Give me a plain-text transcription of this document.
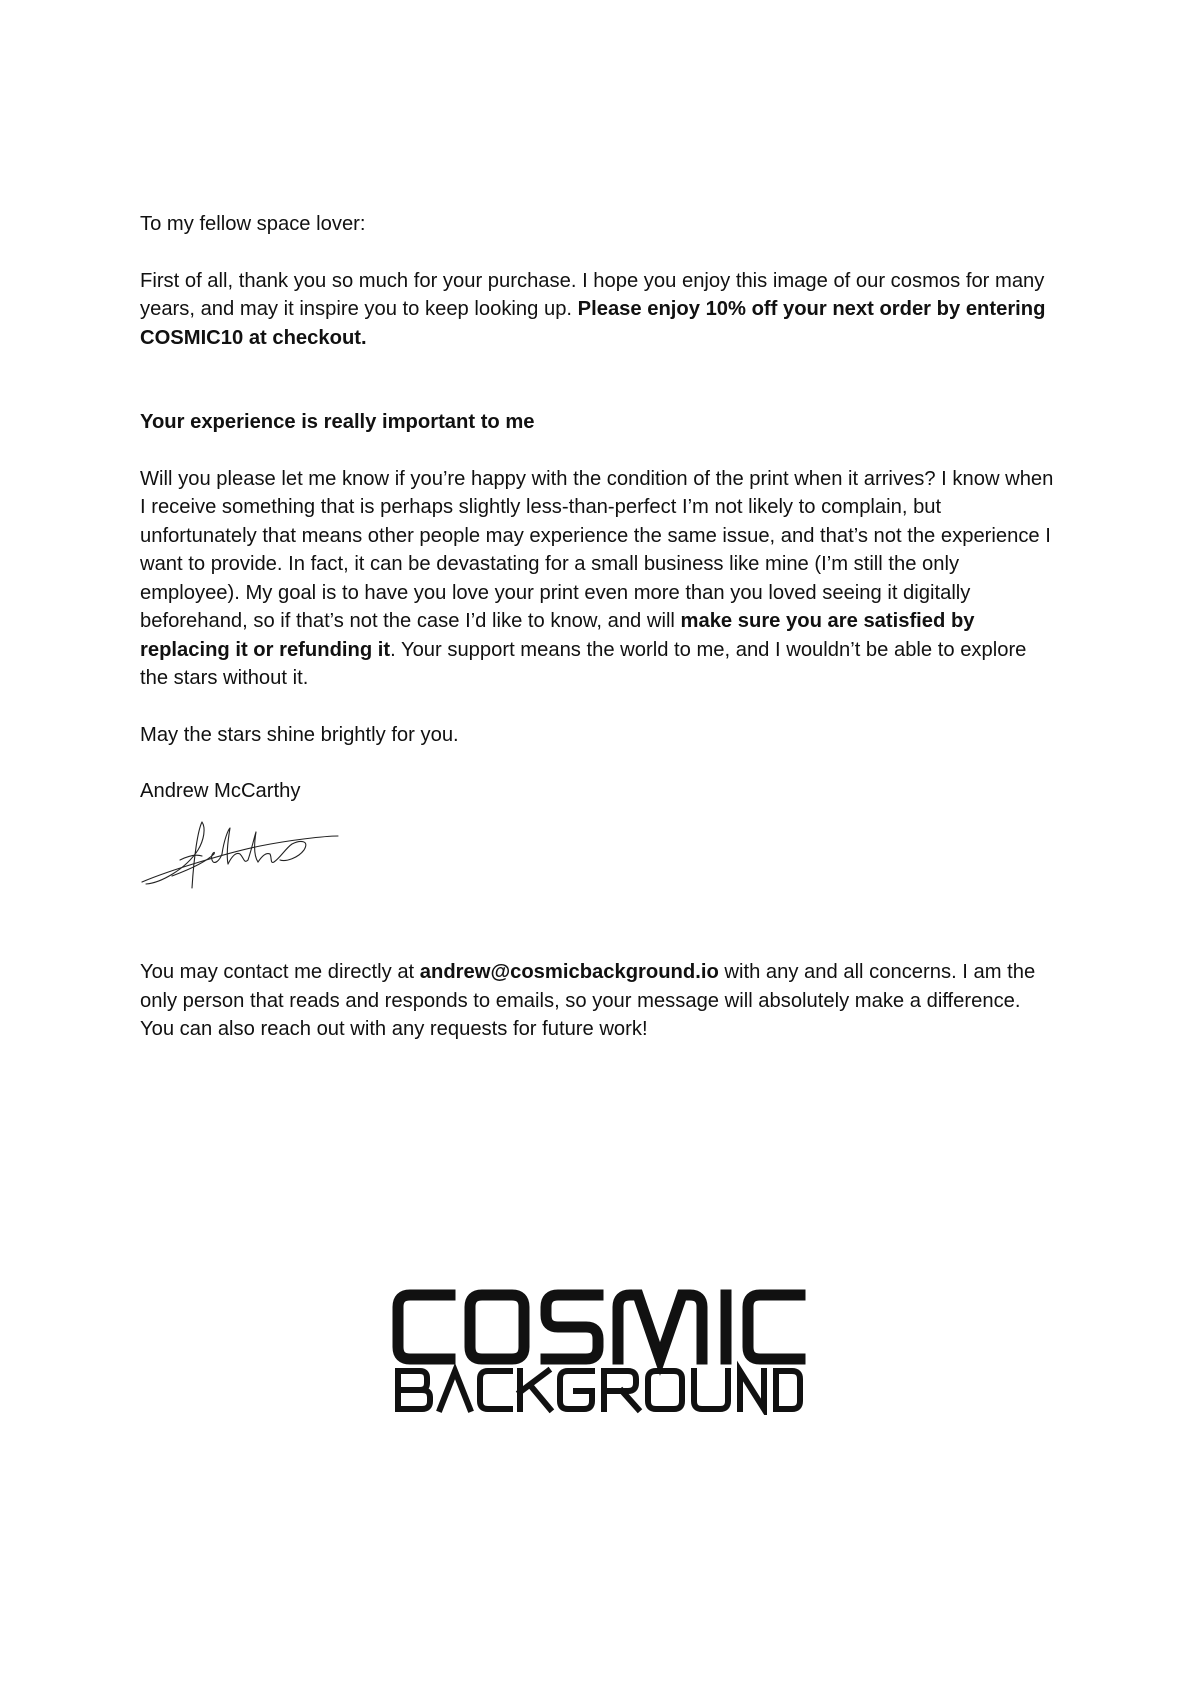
To my fellow space lover:

First of all, thank you so much for your purchase. I hope you enjoy this image of our cosmos for many years, and may it inspire you to keep looking up. Please enjoy 10% off your next order by entering COSMIC10 at checkout.

Your experience is really important to me

Will you please let me know if you’re happy with the condition of the print when it arrives? I know when I receive something that is perhaps slightly less-than-perfect I’m not likely to complain, but unfortunately that means other people may experience the same issue, and that’s not the experience I want to provide. In fact, it can be devastating for a small business like mine (I’m still the only employee). My goal is to have you love your print even more than you loved seeing it digitally beforehand, so if that’s not the case I’d like to know, and will make sure you are satisfied by replacing it or refunding it. Your support means the world to me, and I wouldn’t be able to explore the stars without it.

May the stars shine brightly for you.

Andrew McCarthy

You may contact me directly at andrew@cosmicbackground.io with any and all concerns. I am the only person that reads and responds to emails, so your message will absolutely make a difference. You can also reach out with any requests for future work!
